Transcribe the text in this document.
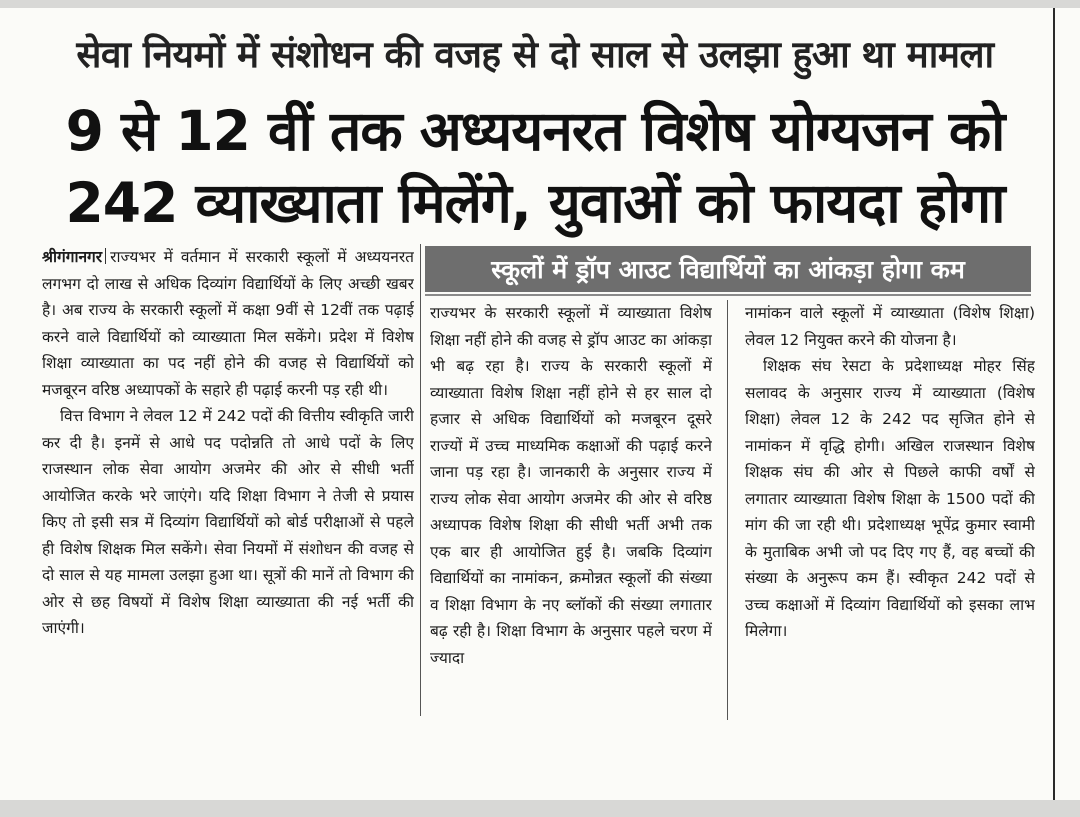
सेवा नियमों में संशोधन की वजह से दो साल से उलझा हुआ था मामला
9 से 12 वीं तक अध्ययनरत विशेष योग्यजन को
242 व्याख्याता मिलेंगे, युवाओं को फायदा होगा

श्रीगंगानगर राज्यभर में वर्तमान में सरकारी स्कूलों में अध्ययनरत लगभग दो लाख से अधिक दिव्यांग विद्यार्थियों के लिए अच्छी खबर है। अब राज्य के सरकारी स्कूलों में कक्षा 9वीं से 12वीं तक पढ़ाई करने वाले विद्यार्थियों को व्याख्याता मिल सकेंगे। प्रदेश में विशेष शिक्षा व्याख्याता का पद नहीं होने की वजह से विद्यार्थियों को मजबूरन वरिष्ठ अध्यापकों के सहारे ही पढ़ाई करनी पड़ रही थी।

वित्त विभाग ने लेवल 12 में 242 पदों की वित्तीय स्वीकृति जारी कर दी है। इनमें से आधे पद पदोन्नति तो आधे पदों के लिए राजस्थान लोक सेवा आयोग अजमेर की ओर से सीधी भर्ती आयोजित करके भरे जाएंगे। यदि शिक्षा विभाग ने तेजी से प्रयास किए तो इसी सत्र में दिव्यांग विद्यार्थियों को बोर्ड परीक्षाओं से पहले ही विशेष शिक्षक मिल सकेंगे। सेवा नियमों में संशोधन की वजह से दो साल से यह मामला उलझा हुआ था। सूत्रों की मानें तो विभाग की ओर से छह विषयों में विशेष शिक्षा व्याख्याता की नई भर्ती की जाएंगी।

स्कूलों में ड्रॉप आउट विद्यार्थियों का आंकड़ा होगा कम

राज्यभर के सरकारी स्कूलों में व्याख्याता विशेष शिक्षा नहीं होने की वजह से ड्रॉप आउट का आंकड़ा भी बढ़ रहा है। राज्य के सरकारी स्कूलों में व्याख्याता विशेष शिक्षा नहीं होने से हर साल दो हजार से अधिक विद्यार्थियों को मजबूरन दूसरे राज्यों में उच्च माध्यमिक कक्षाओं की पढ़ाई करने जाना पड़ रहा है। जानकारी के अनुसार राज्य में राज्य लोक सेवा आयोग अजमेर की ओर से वरिष्ठ अध्यापक विशेष शिक्षा की सीधी भर्ती अभी तक एक बार ही आयोजित हुई है। जबकि दिव्यांग विद्यार्थियों का नामांकन, क्रमोन्नत स्कूलों की संख्या व शिक्षा विभाग के नए ब्लॉकों की संख्या लगातार बढ़ रही है। शिक्षा विभाग के अनुसार पहले चरण में ज्यादा

नामांकन वाले स्कूलों में व्याख्याता (विशेष शिक्षा) लेवल 12 नियुक्त करने की योजना है।

शिक्षक संघ रेसटा के प्रदेशाध्यक्ष मोहर सिंह सलावद के अनुसार राज्य में व्याख्याता (विशेष शिक्षा) लेवल 12 के 242 पद सृजित होने से नामांकन में वृद्धि होगी। अखिल राजस्थान विशेष शिक्षक संघ की ओर से पिछले काफी वर्षों से लगातार व्याख्याता विशेष शिक्षा के 1500 पदों की मांग की जा रही थी। प्रदेशाध्यक्ष भूपेंद्र कुमार स्वामी के मुताबिक अभी जो पद दिए गए हैं, वह बच्चों की संख्या के अनुरूप कम हैं। स्वीकृत 242 पदों से उच्च कक्षाओं में दिव्यांग विद्यार्थियों को इसका लाभ मिलेगा।
